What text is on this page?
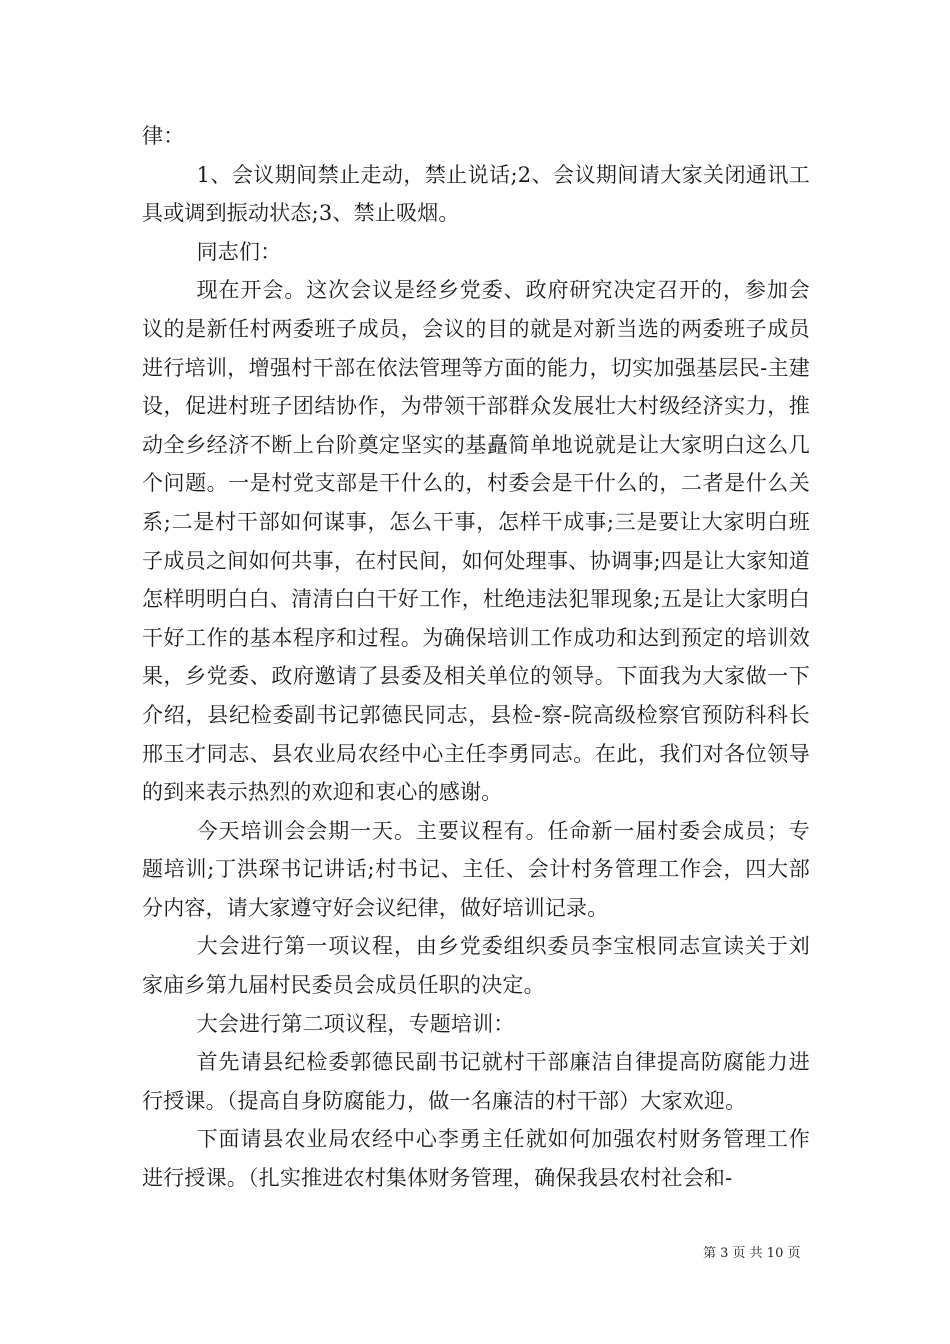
律：

1、会议期间禁止走动，禁止说话;2、会议期间请大家关闭通讯工具或调到振动状态;3、禁止吸烟。

同志们：

现在开会。这次会议是经乡党委、政府研究决定召开的，参加会议的是新任村两委班子成员，会议的目的就是对新当选的两委班子成员进行培训，增强村干部在依法管理等方面的能力，切实加强基层民-主建设，促进村班子团结协作，为带领干部群众发展壮大村级经济实力，推动全乡经济不断上台阶奠定坚实的基矗简单地说就是让大家明白这么几个问题。一是村党支部是干什么的，村委会是干什么的，二者是什么关系;二是村干部如何谋事，怎么干事，怎样干成事;三是要让大家明白班子成员之间如何共事，在村民间，如何处理事、协调事;四是让大家知道怎样明明白白、清清白白干好工作，杜绝违法犯罪现象;五是让大家明白干好工作的基本程序和过程。为确保培训工作成功和达到预定的培训效果，乡党委、政府邀请了县委及相关单位的领导。下面我为大家做一下介绍，县纪检委副书记郭德民同志，县检-察-院高级检察官预防科科长邢玉才同志、县农业局农经中心主任李勇同志。在此，我们对各位领导的到来表示热烈的欢迎和衷心的感谢。

今天培训会会期一天。主要议程有。任命新一届村委会成员；专题培训;丁洪琛书记讲话;村书记、主任、会计村务管理工作会，四大部分内容，请大家遵守好会议纪律，做好培训记录。

大会进行第一项议程，由乡党委组织委员李宝根同志宣读关于刘家庙乡第九届村民委员会成员任职的决定。

大会进行第二项议程，专题培训：

首先请县纪检委郭德民副书记就村干部廉洁自律提高防腐能力进行授课。（提高自身防腐能力，做一名廉洁的村干部）大家欢迎。

下面请县农业局农经中心李勇主任就如何加强农村财务管理工作进行授课。（扎实推进农村集体财务管理，确保我县农村社会和-

第 3 页 共 10 页
